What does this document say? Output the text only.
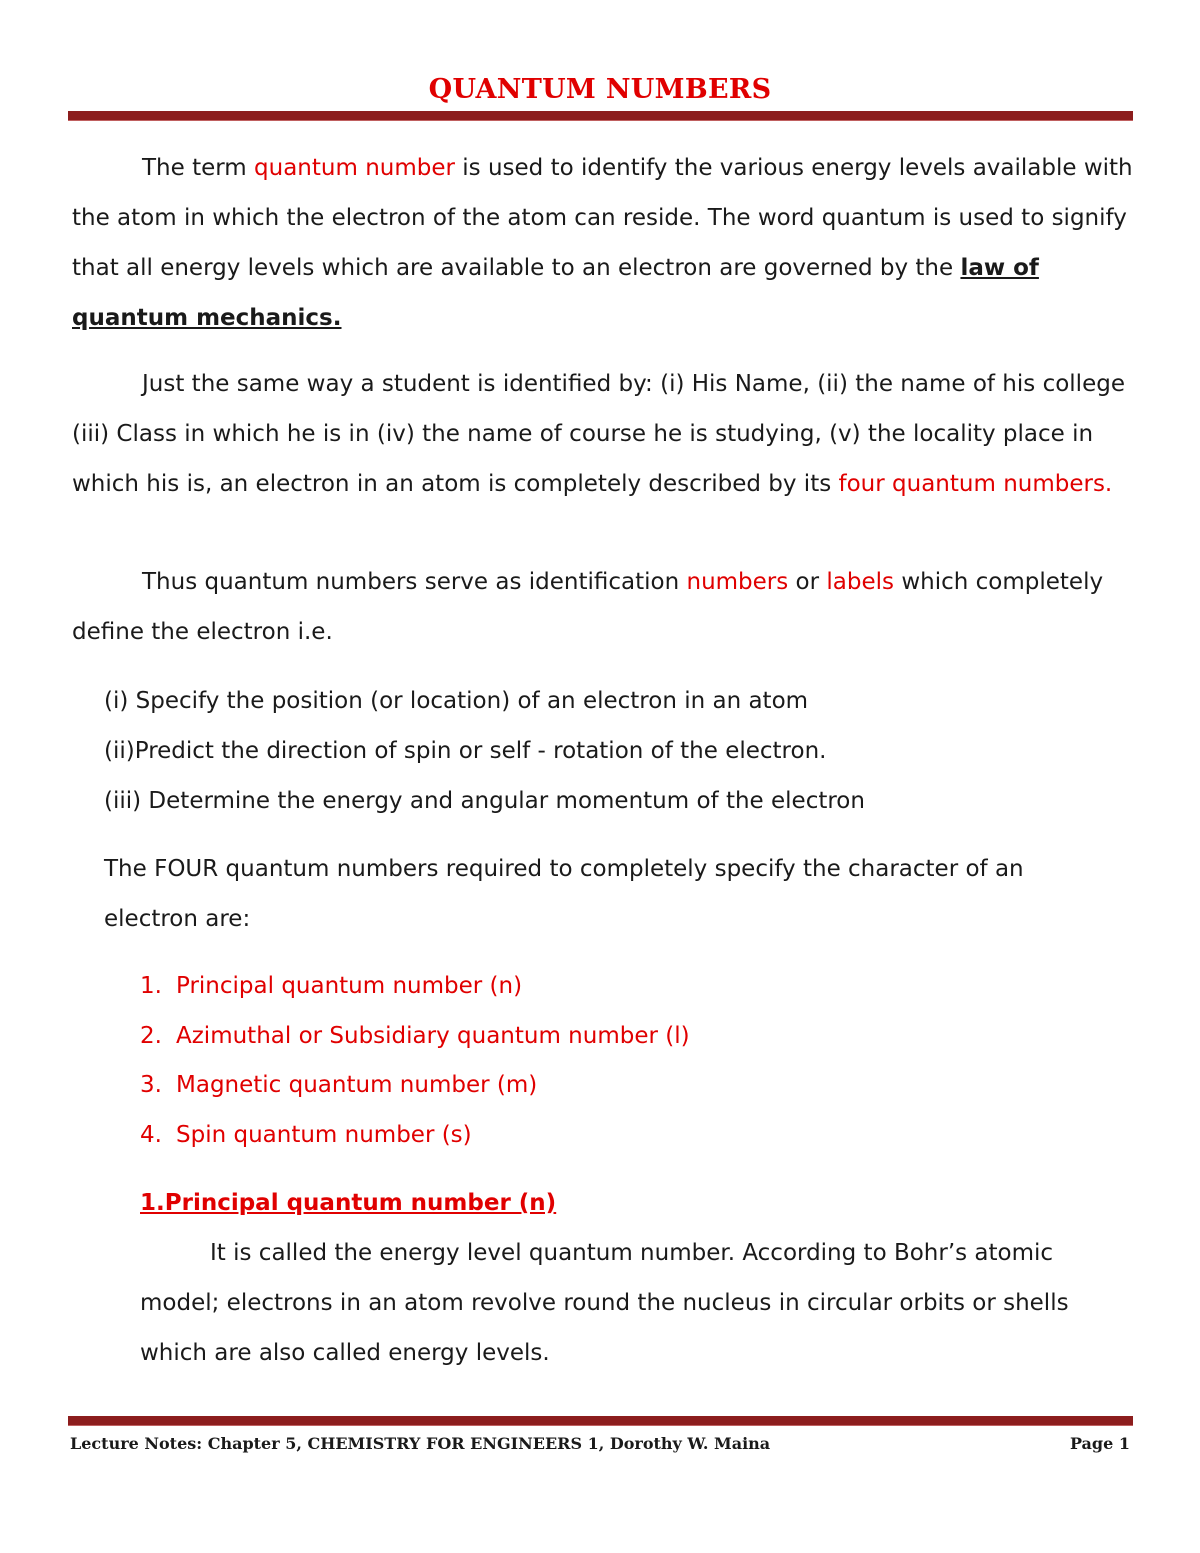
QUANTUM NUMBERS

The term quantum number is used to identify the various energy levels available with the atom in which the electron of the atom can reside. The word quantum is used to signify that all energy levels which are available to an electron are governed by the law of quantum mechanics.

Just the same way a student is identified by: (i) His Name, (ii) the name of his college (iii) Class in which he is in (iv) the name of course he is studying, (v) the locality place in which his is, an electron in an atom is completely described by its four quantum numbers.

Thus quantum numbers serve as identification numbers or labels which completely define the electron i.e.

(i) Specify the position (or location) of an electron in an atom
(ii)Predict the direction of spin or self - rotation of the electron.
(iii) Determine the energy and angular momentum of the electron

The FOUR quantum numbers required to completely specify the character of an electron are:

1. Principal quantum number (n)
2. Azimuthal or Subsidiary quantum number (l)
3. Magnetic quantum number (m)
4. Spin quantum number (s)
1.Principal quantum number (n)

It is called the energy level quantum number. According to Bohr’s atomic model; electrons in an atom revolve round the nucleus in circular orbits or shells which are also called energy levels.

Lecture Notes: Chapter 5, CHEMISTRY FOR ENGINEERS 1, Dorothy W. Maina	Page 1
